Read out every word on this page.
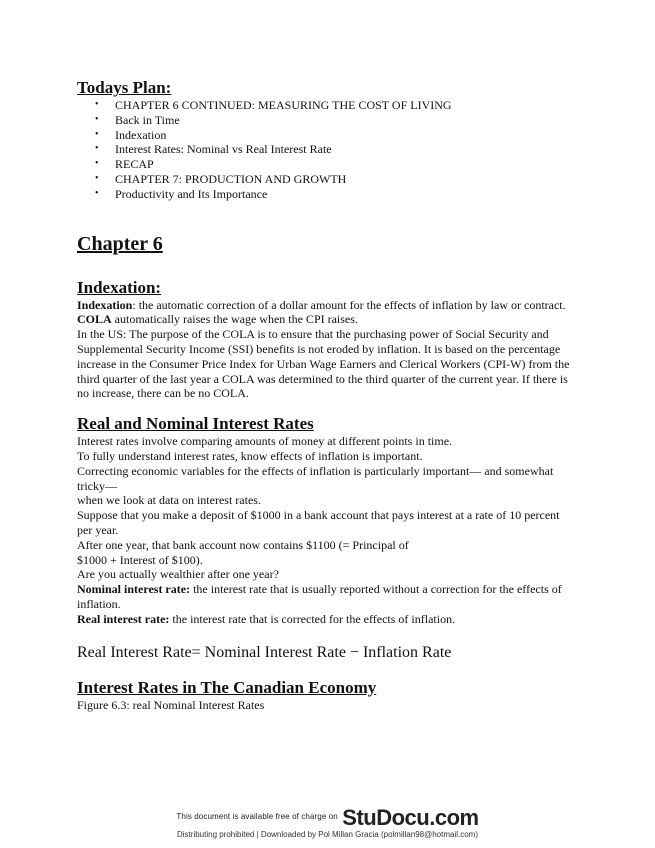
Todays Plan:
• CHAPTER 6 CONTINUED: MEASURING THE COST OF LIVING
• Back in Time
• Indexation
• Interest Rates: Nominal vs Real Interest Rate
• RECAP
• CHAPTER 7: PRODUCTION AND GROWTH
• Productivity and Its Importance
Chapter 6
Indexation:

Indexation: the automatic correction of a dollar amount for the effects of inflation by law or contract.

COLA automatically raises the wage when the CPI raises.

In the US: The purpose of the COLA is to ensure that the purchasing power of Social Security and Supplemental Security Income (SSI) benefits is not eroded by inflation. It is based on the percentage increase in the Consumer Price Index for Urban Wage Earners and Clerical Workers (CPI-W) from the third quarter of the last year a COLA was determined to the third quarter of the current year. If there is no increase, there can be no COLA.

Real and Nominal Interest Rates

Interest rates involve comparing amounts of money at different points in time.

To fully understand interest rates, know effects of inflation is important.

Correcting economic variables for the effects of inflation is particularly important— and somewhat tricky—

when we look at data on interest rates.

Suppose that you make a deposit of $1000 in a bank account that pays interest at a rate of 10 percent per year.

After one year, that bank account now contains $1100 (= Principal of

$1000 + Interest of $100).

Are you actually wealthier after one year?

Nominal interest rate: the interest rate that is usually reported without a correction for the effects of inflation.

Real interest rate: the interest rate that is corrected for the effects of inflation.

Real Interest Rate= Nominal Interest Rate − Inflation Rate

Interest Rates in The Canadian Economy

Figure 6.3: real Nominal Interest Rates

$^{This document is available free of charge on}$ StuDocu.com
Distributing prohibited | Downloaded by Pol Millan Gracia (polmillan98@hotmail.com)
